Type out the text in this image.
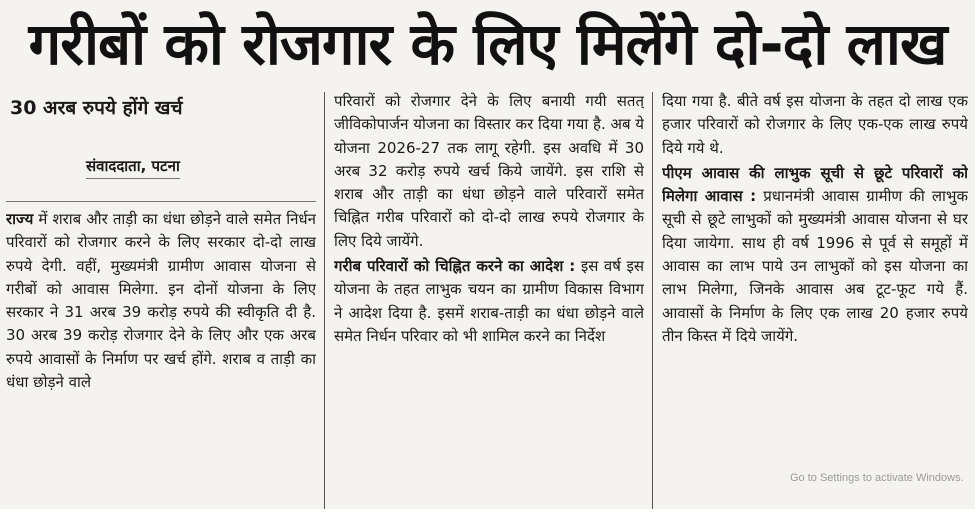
गरीबों को रोजगार के लिए मिलेंगे दो-दो लाख
30 अरब रुपये होंगे खर्च
संवाददाता, पटना

राज्य में शराब और ताड़ी का धंधा छोड़ने वाले समेत निर्धन परिवारों को रोजगार करने के लिए सरकार दो-दो लाख रुपये देगी. वहीं, मुख्यमंत्री ग्रामीण आवास योजना से गरीबों को आवास मिलेगा. इन दोनों योजना के लिए सरकार ने 31 अरब 39 करोड़ रुपये की स्वीकृति दी है. 30 अरब 39 करोड़ रोजगार देने के लिए और एक अरब रुपये आवासों के निर्माण पर खर्च होंगे. शराब व ताड़ी का धंधा छोड़ने वाले

परिवारों को रोजगार देने के लिए बनायी गयी सतत् जीविकोपार्जन योजना का विस्तार कर दिया गया है. अब ये योजना 2026-27 तक लागू रहेगी. इस अवधि में 30 अरब 32 करोड़ रुपये खर्च किये जायेंगे. इस राशि से शराब और ताड़ी का धंधा छोड़ने वाले परिवारों समेत चिह्नित गरीब परिवारों को दो-दो लाख रुपये रोजगार के लिए दिये जायेंगे.

गरीब परिवारों को चिह्नित करने का आदेश : इस वर्ष इस योजना के तहत लाभुक चयन का ग्रामीण विकास विभाग ने आदेश दिया है. इसमें शराब-ताड़ी का धंधा छोड़ने वाले समेत निर्धन परिवार को भी शामिल करने का निर्देश

दिया गया है. बीते वर्ष इस योजना के तहत दो लाख एक हजार परिवारों को रोजगार के लिए एक-एक लाख रुपये दिये गये थे.

पीएम आवास की लाभुक सूची से छूटे परिवारों को मिलेगा आवास : प्रधानमंत्री आवास ग्रामीण की लाभुक सूची से छूटे लाभुकों को मुख्यमंत्री आवास योजना से घर दिया जायेगा. साथ ही वर्ष 1996 से पूर्व से समूहों में आवास का लाभ पाये उन लाभुकों को इस योजना का लाभ मिलेगा, जिनके आवास अब टूट-फूट गये हैं. आवासों के निर्माण के लिए एक लाख 20 हजार रुपये तीन किस्त में दिये जायेंगे.

Go to Settings to activate Windows.
